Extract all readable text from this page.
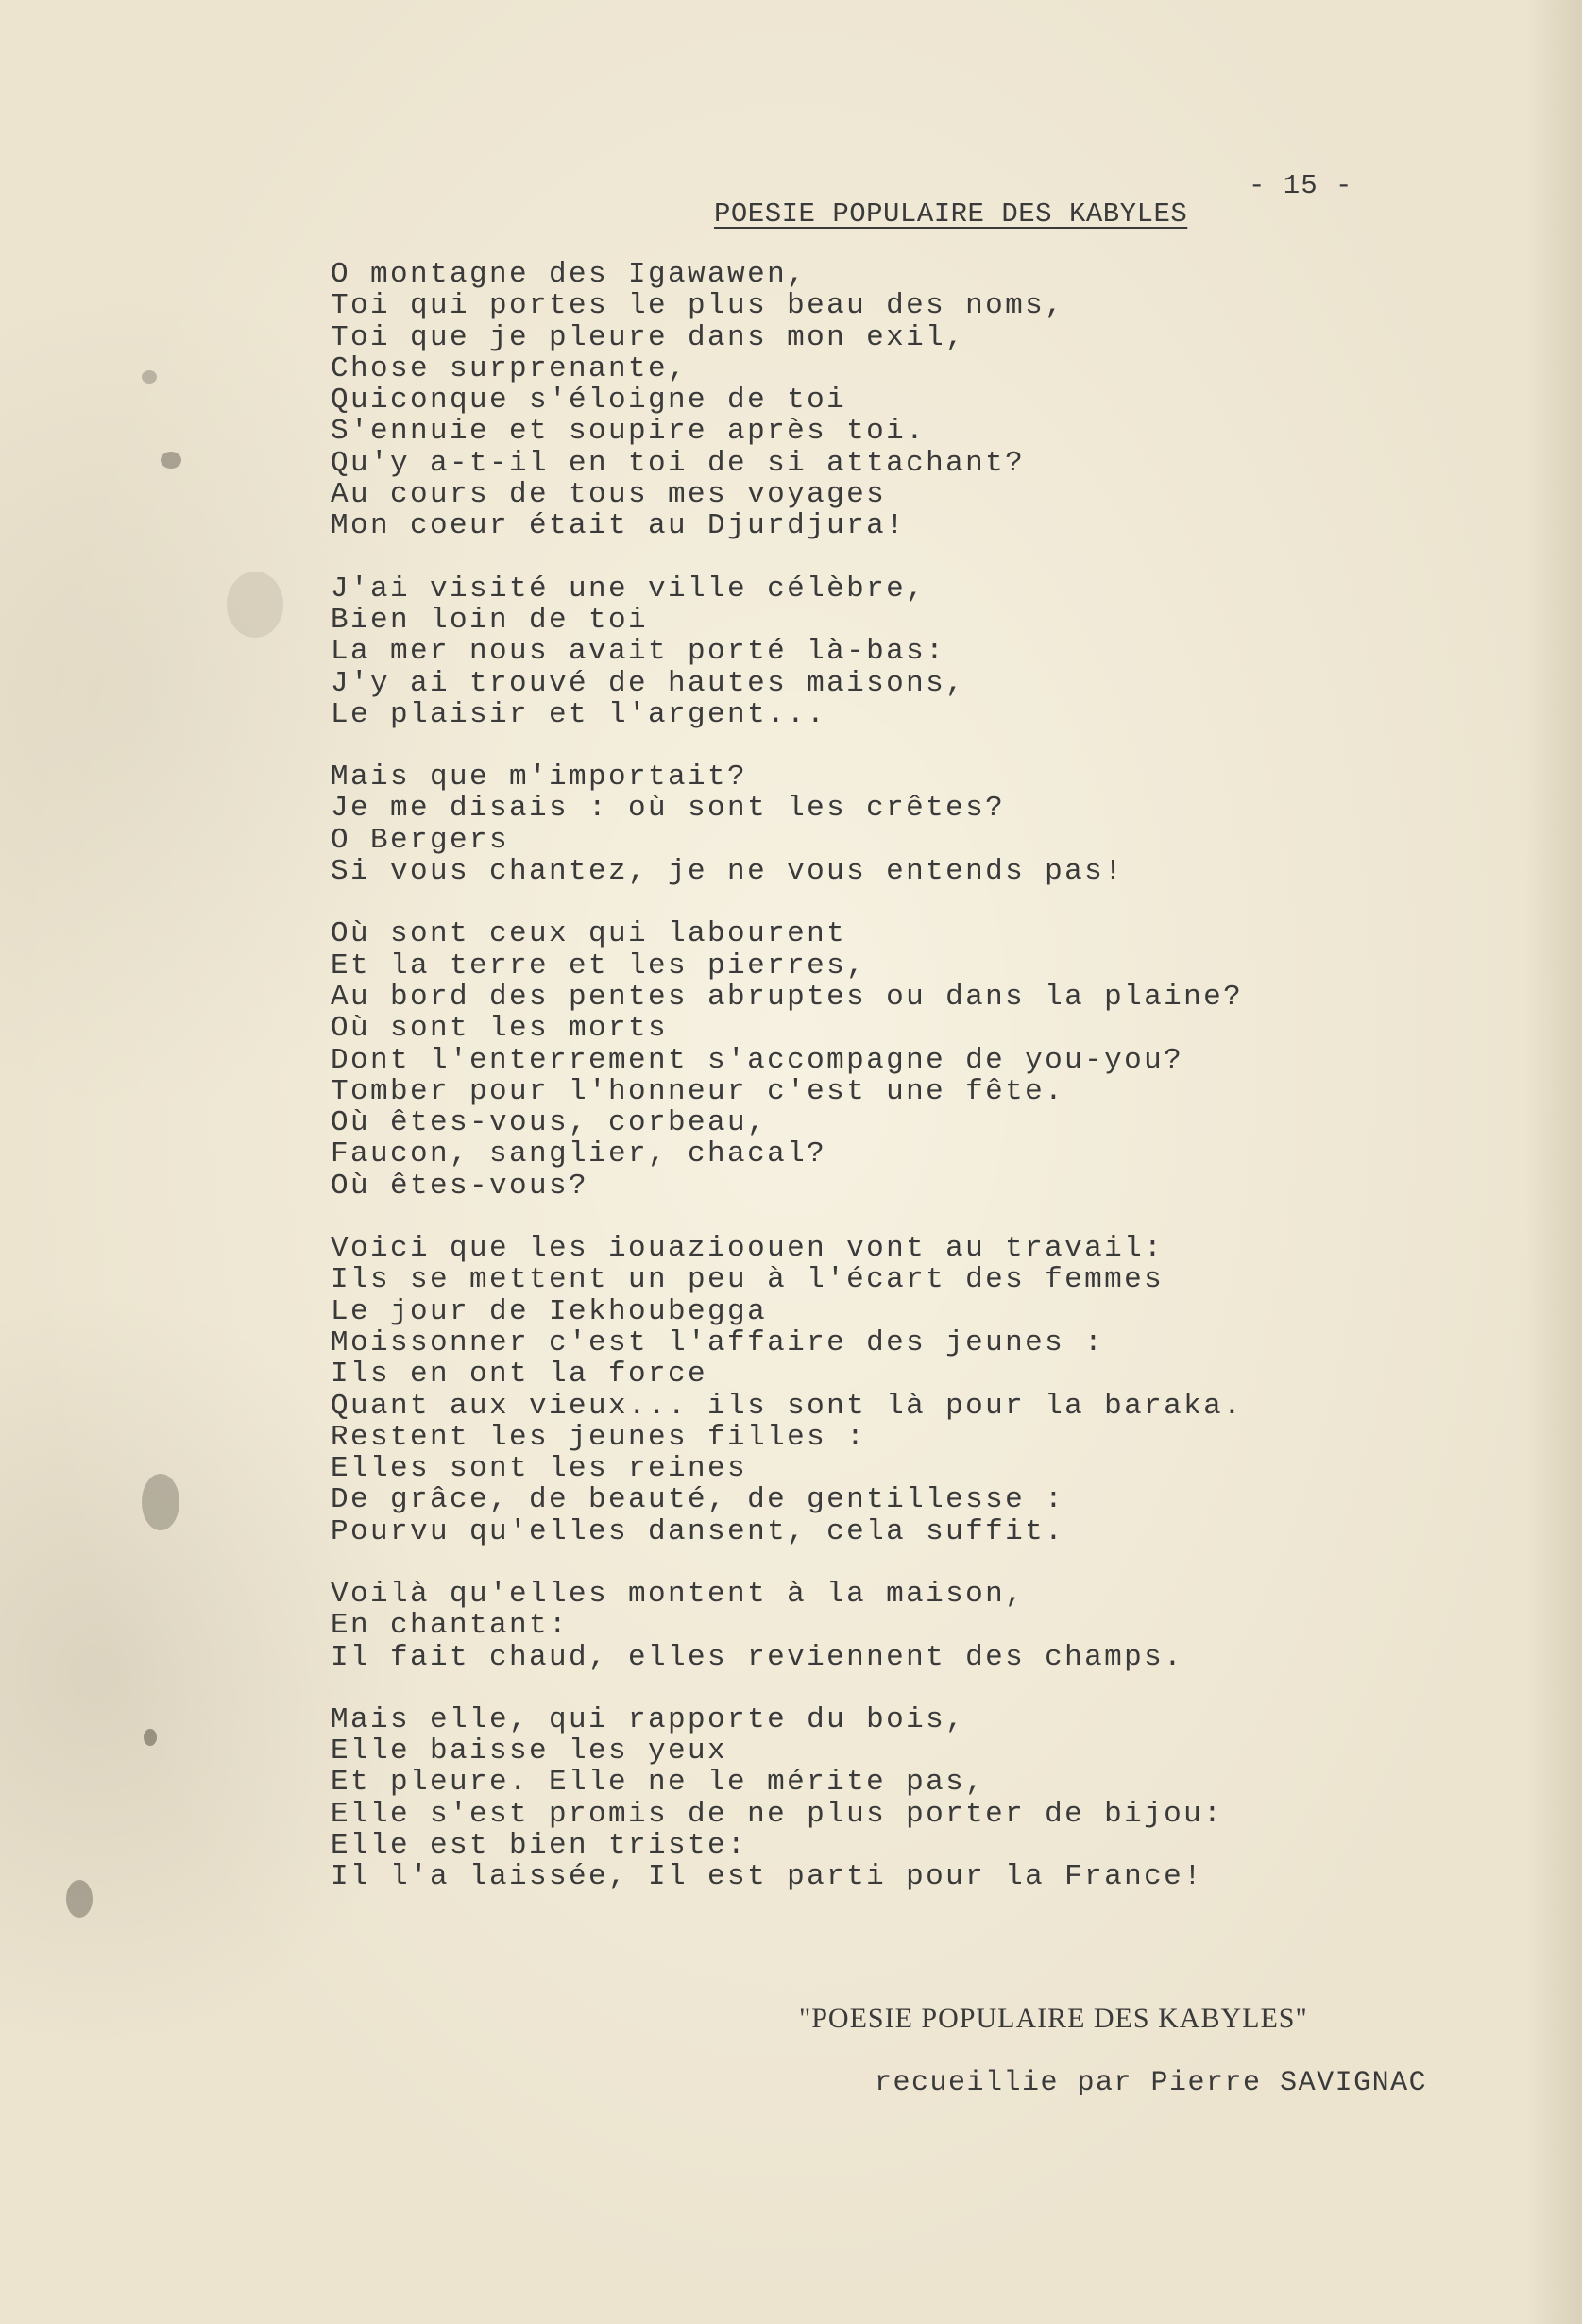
- 15 -
POESIE POPULAIRE DES KABYLES
O montagne des Igawawen,
Toi qui portes le plus beau des noms,
Toi que je pleure dans mon exil,
Chose surprenante,
Quiconque s'éloigne de toi
S'ennuie et soupire après toi.
Qu'y a-t-il en toi de si attachant?
Au cours de tous mes voyages
Mon coeur était au Djurdjura!
J'ai visité une ville célèbre,
Bien loin de toi
La mer nous avait porté là-bas:
J'y ai trouvé de hautes maisons,
Le plaisir et l'argent...
Mais que m'importait?
Je me disais : où sont les crêtes?
O Bergers
Si vous chantez, je ne vous entends pas!
Où sont ceux qui labourent
Et la terre et les pierres,
Au bord des pentes abruptes ou dans la plaine?
Où sont les morts
Dont l'enterrement s'accompagne de you-you?
Tomber pour l'honneur c'est une fête.
Où êtes-vous, corbeau,
Faucon, sanglier, chacal?
Où êtes-vous?
Voici que les iouazioouen vont au travail:
Ils se mettent un peu à l'écart des femmes
Le jour de Iekhoubegga
Moissonner c'est l'affaire des jeunes :
Ils en ont la force
Quant aux vieux... ils sont là pour la baraka.
Restent les jeunes filles :
Elles sont les reines
De grâce, de beauté, de gentillesse :
Pourvu qu'elles dansent, cela suffit.
Voilà qu'elles montent à la maison,
En chantant:
Il fait chaud, elles reviennent des champs.
Mais elle, qui rapporte du bois,
Elle baisse les yeux
Et pleure. Elle ne le mérite pas,
Elle s'est promis de ne plus porter de bijou:
Elle est bien triste:
Il l'a laissée, Il est parti pour la France!
"POESIE POPULAIRE DES KABYLES"
recueillie par Pierre SAVIGNAC
